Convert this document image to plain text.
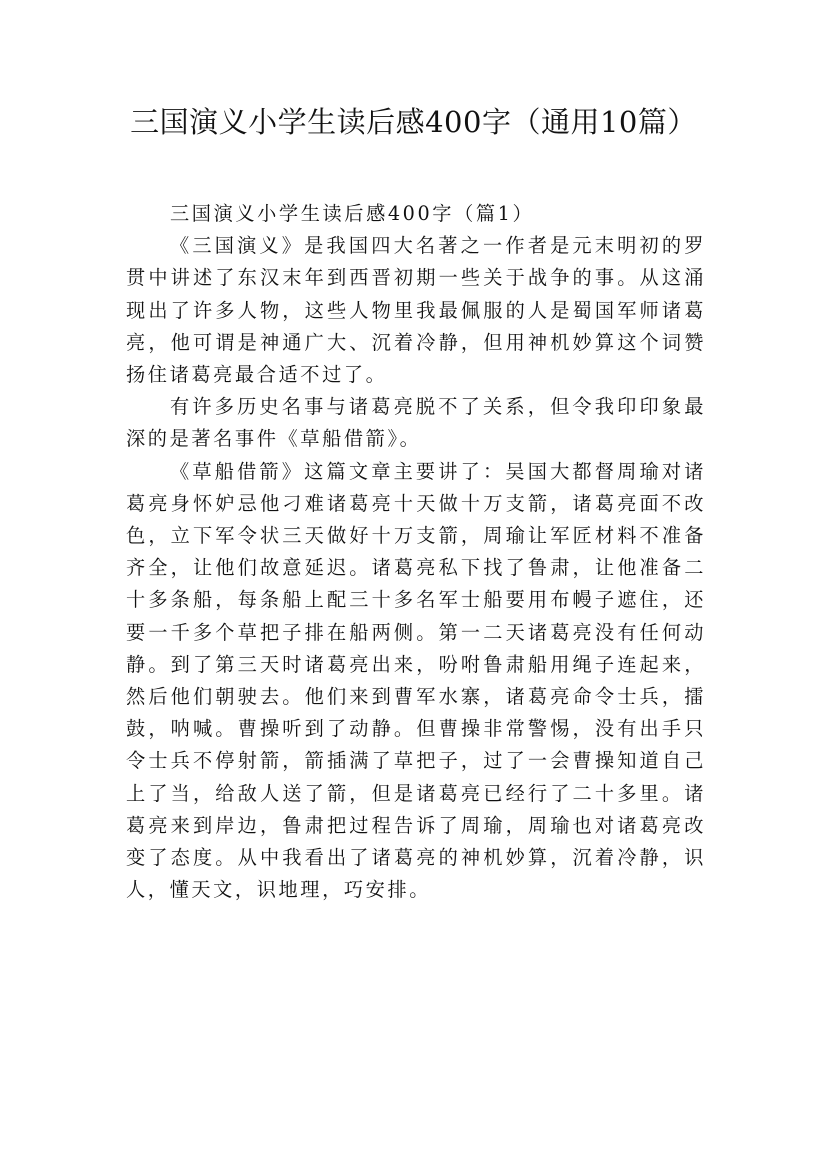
三国演义小学生读后感400字（通用10篇）

三国演义小学生读后感400字（篇1）

《三国演义》是我国四大名著之一作者是元末明初的罗贯中讲述了东汉末年到西晋初期一些关于战争的事。从这涌现出了许多人物，这些人物里我最佩服的人是蜀国军师诸葛亮，他可谓是神通广大、沉着冷静，但用神机妙算这个词赞扬住诸葛亮最合适不过了。

有许多历史名事与诸葛亮脱不了关系，但令我印印象最深的是著名事件《草船借箭》。

《草船借箭》这篇文章主要讲了：吴国大都督周瑜对诸葛亮身怀妒忌他刁难诸葛亮十天做十万支箭，诸葛亮面不改色，立下军令状三天做好十万支箭，周瑜让军匠材料不准备齐全，让他们故意延迟。诸葛亮私下找了鲁肃，让他准备二十多条船，每条船上配三十多名军士船要用布幔子遮住，还要一千多个草把子排在船两侧。第一二天诸葛亮没有任何动静。到了第三天时诸葛亮出来，吩咐鲁肃船用绳子连起来，然后他们朝驶去。他们来到曹军水寨，诸葛亮命令士兵，擂鼓，呐喊。曹操听到了动静。但曹操非常警惕，没有出手只令士兵不停射箭，箭插满了草把子，过了一会曹操知道自己上了当，给敌人送了箭，但是诸葛亮已经行了二十多里。诸葛亮来到岸边，鲁肃把过程告诉了周瑜，周瑜也对诸葛亮改变了态度。从中我看出了诸葛亮的神机妙算，沉着冷静，识人，懂天文，识地理，巧安排。
